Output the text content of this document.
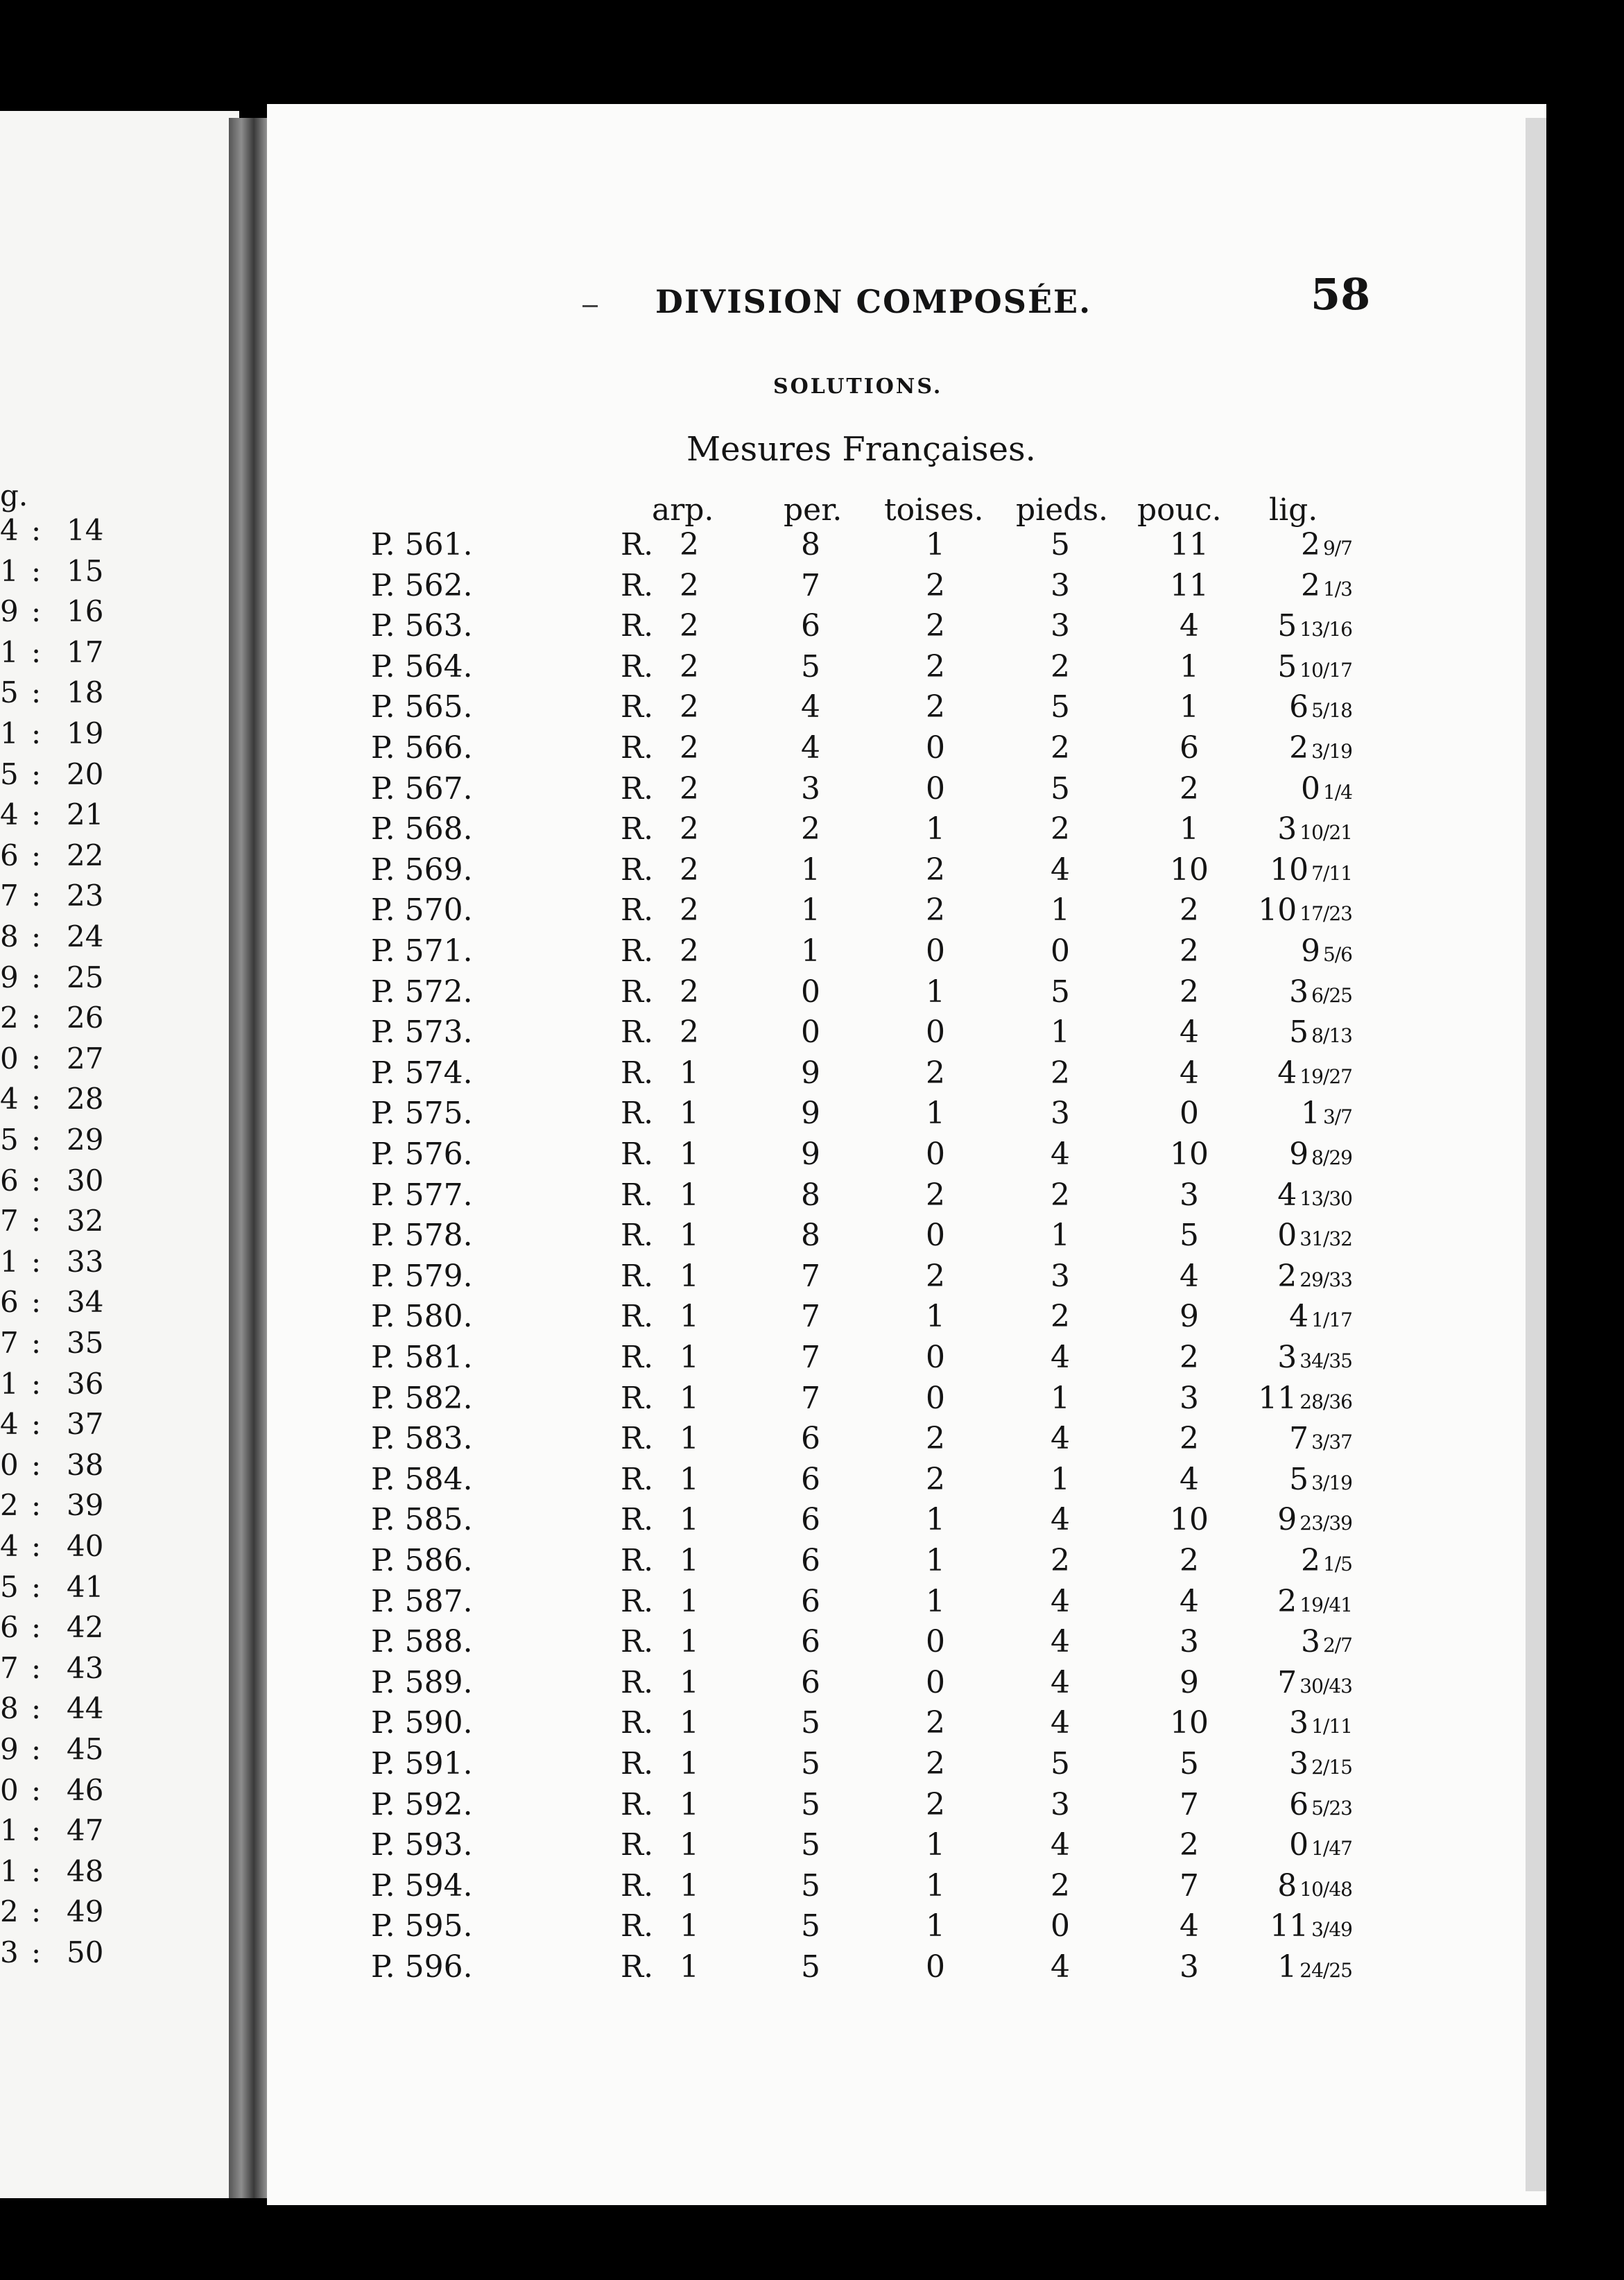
g.
4 : 14
1 : 15
9 : 16
1 : 17
5 : 18
1 : 19
5 : 20
4 : 21
6 : 22
7 : 23
8 : 24
9 : 25
2 : 26
0 : 27
4 : 28
5 : 29
6 : 30
7 : 32
1 : 33
6 : 34
7 : 35
1 : 36
4 : 37
0 : 38
2 : 39
4 : 40
5 : 41
6 : 42
7 : 43
8 : 44
9 : 45
0 : 46
1 : 47
1 : 48
2 : 49
3 : 50
DIVISION COMPOSÉE.	58
SOLUTIONS.
Mesures Françaises.
arp. per. toises. pieds. pouc. lig.
P. 561.	R. 2	8	1	5	11	2 9/7
P. 562.	R. 2	7	2	3	11	2 1/3
P. 563.	R. 2	6	2	3	4	5 13/16
P. 564.	R. 2	5	2	2	1	5 10/17
P. 565.	R. 2	4	2	5	1	6 5/18
P. 566.	R. 2	4	0	2	6	2 3/19
P. 567.	R. 2	3	0	5	2	0 1/4
P. 568.	R. 2	2	1	2	1	3 10/21
P. 569.	R. 2	1	2	4	10	10 7/11
P. 570.	R. 2	1	2	1	2	10 17/23
P. 571.	R. 2	1	0	0	2	9 5/6
P. 572.	R. 2	0	1	5	2	3 6/25
P. 573.	R. 2	0	0	1	4	5 8/13
P. 574.	R. 1	9	2	2	4	4 19/27
P. 575.	R. 1	9	1	3	0	1 3/7
P. 576.	R. 1	9	0	4	10	9 8/29
P. 577.	R. 1	8	2	2	3	4 13/30
P. 578.	R. 1	8	0	1	5	0 31/32
P. 579.	R. 1	7	2	3	4	2 29/33
P. 580.	R. 1	7	1	2	9	4 1/17
P. 581.	R. 1	7	0	4	2	3 34/35
P. 582.	R. 1	7	0	1	3	11 28/36
P. 583.	R. 1	6	2	4	2	7 3/37
P. 584.	R. 1	6	2	1	4	5 3/19
P. 585.	R. 1	6	1	4	10	9 23/39
P. 586.	R. 1	6	1	2	2	2 1/5
P. 587.	R. 1	6	1	4	4	2 19/41
P. 588.	R. 1	6	0	4	3	3 2/7
P. 589.	R. 1	6	0	4	9	7 30/43
P. 590.	R. 1	5	2	4	10	3 1/11
P. 591.	R. 1	5	2	5	5	3 2/15
P. 592.	R. 1	5	2	3	7	6 5/23
P. 593.	R. 1	5	1	4	2	0 1/47
P. 594.	R. 1	5	1	2	7	8 10/48
P. 595.	R. 1	5	1	0	4	11 3/49
P. 596.	R. 1	5	0	4	3	1 24/25
